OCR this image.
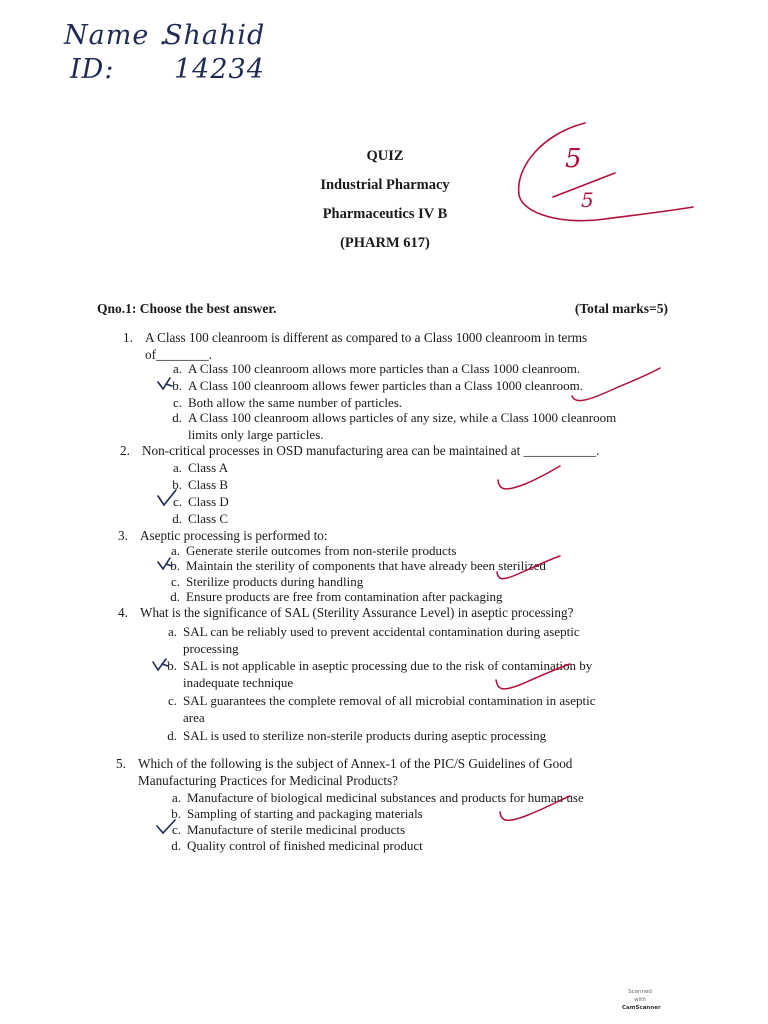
Name .Shahid
ID: 14234
QUIZ
Industrial Pharmacy
Pharmaceutics IV B
(PHARM 617)
5
5
Qno.1: Choose the best answer.	(Total marks=5)
1. A Class 100 cleanroom is different as compared to a Class 1000 cleanroom in terms
of________.
a. A Class 100 cleanroom allows more particles than a Class 1000 cleanroom.
b. A Class 100 cleanroom allows fewer particles than a Class 1000 cleanroom.
c. Both allow the same number of particles.
d. A Class 100 cleanroom allows particles of any size, while a Class 1000 cleanroom
limits only large particles.
2. Non-critical processes in OSD manufacturing area can be maintained at ___________.
a. Class A
b. Class B
c. Class D
d. Class C
3. Aseptic processing is performed to:
a. Generate sterile outcomes from non-sterile products
b. Maintain the sterility of components that have already been sterilized
c. Sterilize products during handling
d. Ensure products are free from contamination after packaging
4. What is the significance of SAL (Sterility Assurance Level) in aseptic processing?
a. SAL can be reliably used to prevent accidental contamination during aseptic
processing
b. SAL is not applicable in aseptic processing due to the risk of contamination by
inadequate technique
c. SAL guarantees the complete removal of all microbial contamination in aseptic
area
d. SAL is used to sterilize non-sterile products during aseptic processing
5. Which of the following is the subject of Annex-1 of the PIC/S Guidelines of Good
Manufacturing Practices for Medicinal Products?
a. Manufacture of biological medicinal substances and products for human use
b. Sampling of starting and packaging materials
c. Manufacture of sterile medicinal products
d. Quality control of finished medicinal product
Scanned with
CamScanner
